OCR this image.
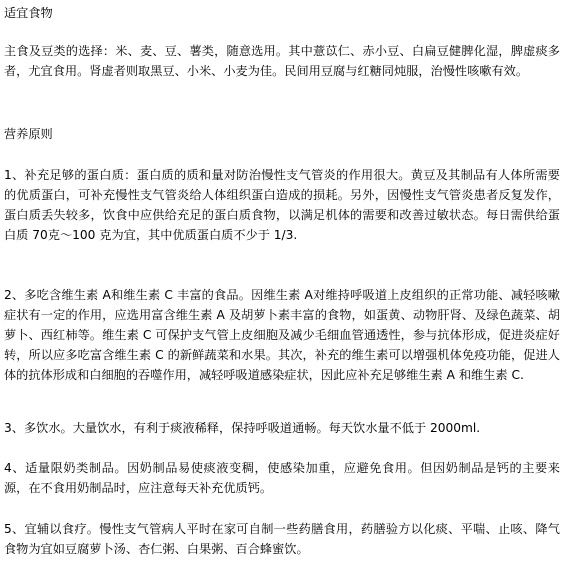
适宜食物
主食及豆类的选择：米、麦、豆、薯类，随意选用。其中薏苡仁、赤小豆、白扁豆健脾化湿，脾虚痰多者，尤宜食用。肾虚者则取黑豆、小米、小麦为佳。民间用豆腐与红糖同炖服，治慢性咳嗽有效。
营养原则
1、补充足够的蛋白质：蛋白质的质和量对防治慢性支气管炎的作用很大。黄豆及其制品有人体所需要的优质蛋白，可补充慢性支气管炎给人体组织蛋白造成的损耗。另外，因慢性支气管炎患者反复发作，蛋白质丢失较多，饮食中应供给充足的蛋白质食物，以满足机体的需要和改善过敏状态。每日需供给蛋白质 70克～100 克为宜，其中优质蛋白质不少于 1/3.
2、多吃含维生素 A和维生素 C 丰富的食品。因维生素 A对维持呼吸道上皮组织的正常功能、减轻咳嗽症状有一定的作用，应选用富含维生素 A 及胡萝卜素丰富的食物，如蛋黄、动物肝肾、及绿色蔬菜、胡萝卜、西红柿等。维生素 C 可保护支气管上皮细胞及减少毛细血管通透性，参与抗体形成，促进炎症好转，所以应多吃富含维生素 C 的新鲜蔬菜和水果。其次，补充的维生素可以增强机体免疫功能，促进人体的抗体形成和白细胞的吞噬作用，减轻呼吸道感染症状，因此应补充足够维生素 A 和维生素 C.
3、多饮水。大量饮水，有利于痰液稀释，保持呼吸道通畅。每天饮水量不低于 2000ml.
4、适量限奶类制品。因奶制品易使痰液变稠，使感染加重，应避免食用。但因奶制品是钙的主要来源，在不食用奶制品时，应注意每天补充优质钙。
5、宜辅以食疗。慢性支气管病人平时在家可自制一些药膳食用，药膳验方以化痰、平喘、止咳、降气食物为宜如豆腐萝卜汤、杏仁粥、白果粥、百合蜂蜜饮。
